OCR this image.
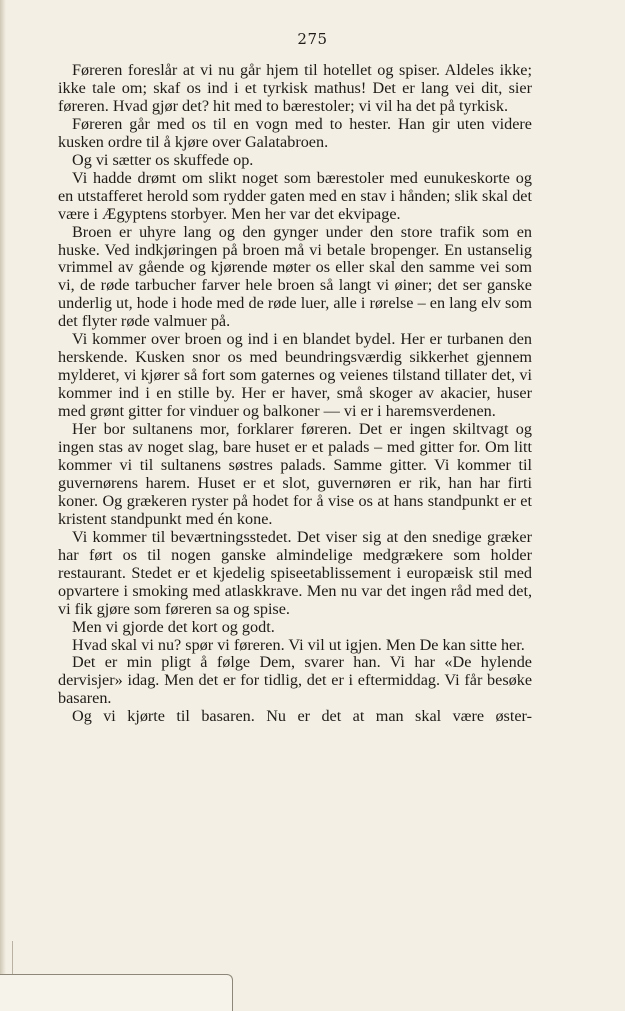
275

Føreren foreslår at vi nu går hjem til hotellet og spiser. Aldeles ikke; ikke tale om; skaf os ind i et tyrkisk mathus! Det er lang vei dit, sier føreren. Hvad gjør det? hit med to bærestoler; vi vil ha det på tyrkisk.

Føreren går med os til en vogn med to hester. Han gir uten videre kusken ordre til å kjøre over Galatabroen.

Og vi sætter os skuffede op.

Vi hadde drømt om slikt noget som bærestoler med eunukeskorte og en utstafferet herold som rydder gaten med en stav i hånden; slik skal det være i Ægyptens storbyer. Men her var det ekvipage.

Broen er uhyre lang og den gynger under den store trafik som en huske. Ved indkjøringen på broen må vi betale bropenger. En ustanselig vrimmel av gående og kjørende møter os eller skal den samme vei som vi, de røde tarbucher farver hele broen så langt vi øiner; det ser ganske underlig ut, hode i hode med de røde luer, alle i rørelse – en lang elv som det flyter røde valmuer på.

Vi kommer over broen og ind i en blandet bydel. Her er turbanen den herskende. Kusken snor os med beundringsværdig sikkerhet gjennem mylderet, vi kjører så fort som gaternes og veienes tilstand tillater det, vi kommer ind i en stille by. Her er haver, små skoger av akacier, huser med grønt gitter for vinduer og balkoner — vi er i haremsverdenen.

Her bor sultanens mor, forklarer føreren. Det er ingen skiltvagt og ingen stas av noget slag, bare huset er et palads – med gitter for. Om litt kommer vi til sultanens søstres palads. Samme gitter. Vi kommer til guvernørens harem. Huset er et slot, guvernøren er rik, han har firti koner. Og grækeren ryster på hodet for å vise os at hans standpunkt er et kristent standpunkt med én kone.

Vi kommer til beværtningsstedet. Det viser sig at den snedige græker har ført os til nogen ganske almindelige medgrækere som holder restaurant. Stedet er et kjedelig spiseetablissement i europæisk stil med opvartere i smoking med atlaskkrave. Men nu var det ingen råd med det, vi fik gjøre som føreren sa og spise.

Men vi gjorde det kort og godt.

Hvad skal vi nu? spør vi føreren. Vi vil ut igjen. Men De kan sitte her.

Det er min pligt å følge Dem, svarer han. Vi har «De hylende dervisjer» idag. Men det er for tidlig, det er i eftermiddag. Vi får besøke basaren.

Og vi kjørte til basaren. Nu er det at man skal være øster-
